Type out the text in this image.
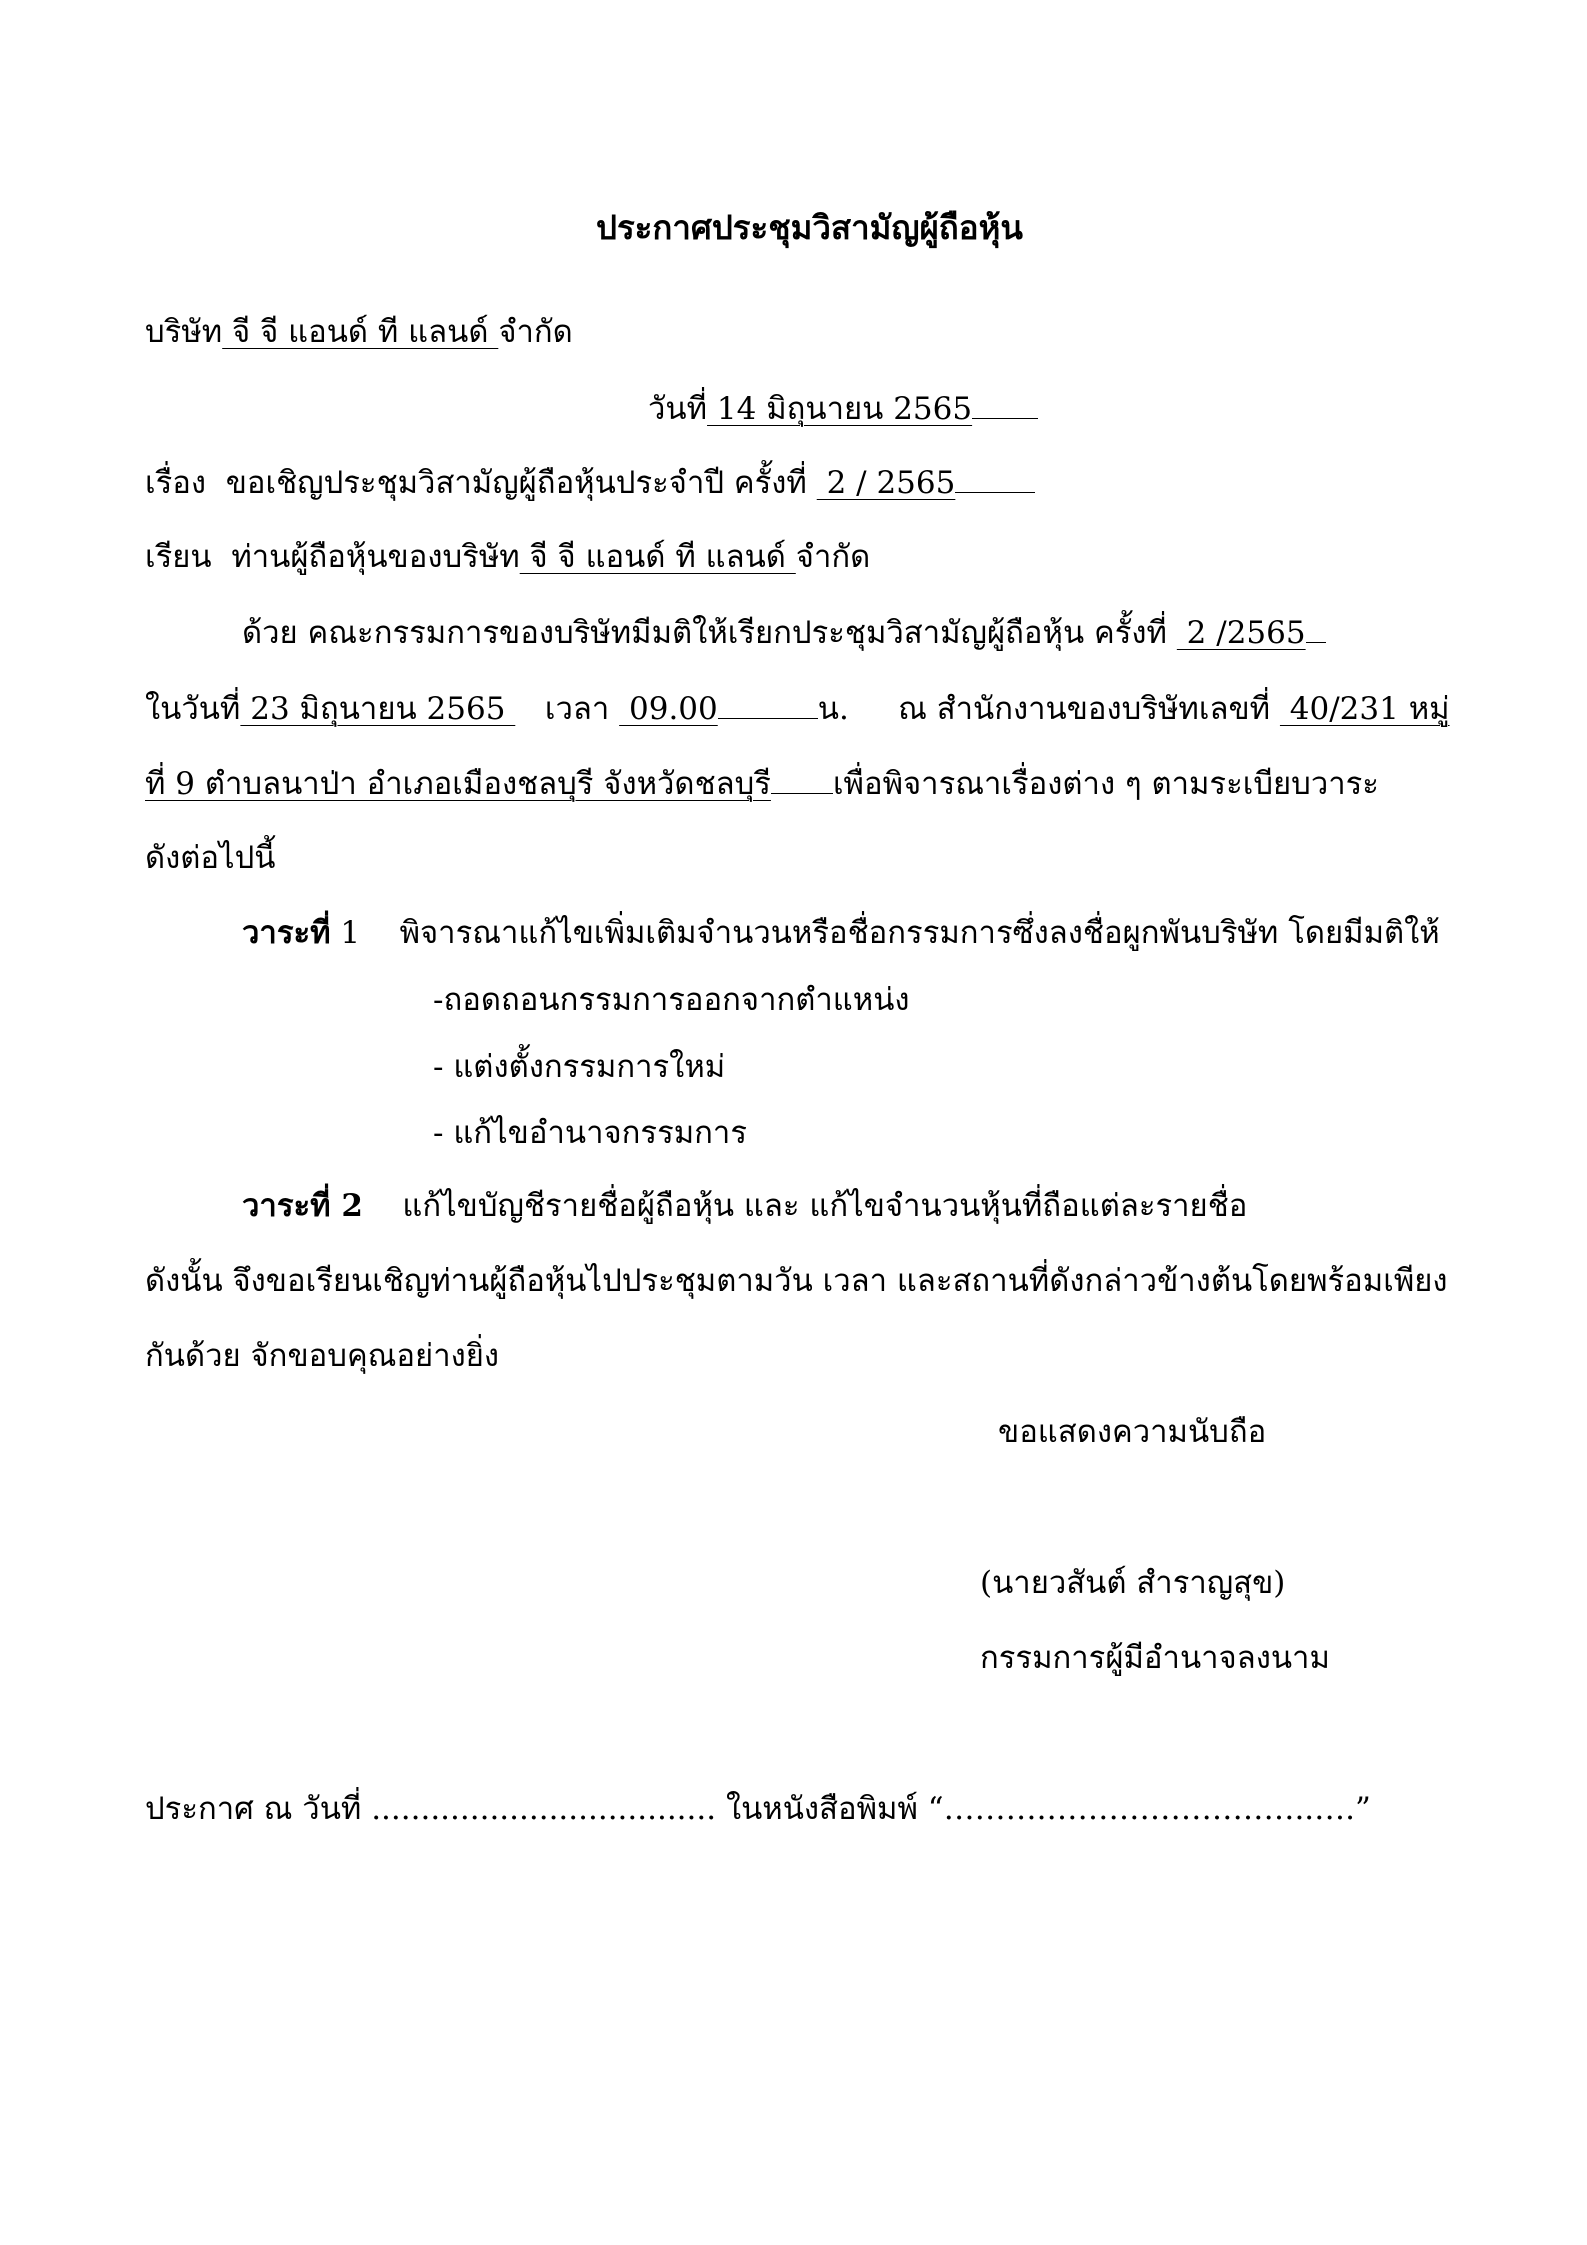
ประกาศประชุมวิสามัญผู้ถือหุ้น
บริษัท จี จี แอนด์ ที แลนด์ จำกัด
วันที่ 14 มิถุนายน 2565
เรื่อง ขอเชิญประชุมวิสามัญผู้ถือหุ้นประจำปี ครั้งที่  2 / 2565
เรียน ท่านผู้ถือหุ้นของบริษัท จี จี แอนด์ ที แลนด์ จำกัด
ด้วย คณะกรรมการของบริษัทมีมติให้เรียกประชุมวิสามัญผู้ถือหุ้น ครั้งที่  2 /2565
ในวันที่ 23 มิถุนายน 2565    เวลา  09.00	น. ณ สำนักงานของบริษัทเลขที่  40/231 หมู่
ที่ 9 ตำบลนาป่า อำเภอเมืองชลบุรี จังหวัดชลบุรี เพื่อพิจารณาเรื่องต่าง ๆ ตามระเบียบวาระ
ดังต่อไปนี้
วาระที่ 1 พิจารณาแก้ไขเพิ่มเติมจำนวนหรือชื่อกรรมการซึ่งลงชื่อผูกพันบริษัท โดยมีมติให้
-ถอดถอนกรรมการออกจากตำแหน่ง
- แต่งตั้งกรรมการใหม่
- แก้ไขอำนาจกรรมการ
วาระที่ 2 แก้ไขบัญชีรายชื่อผู้ถือหุ้น และ แก้ไขจำนวนหุ้นที่ถือแต่ละรายชื่อ
ดังนั้น จึงขอเรียนเชิญท่านผู้ถือหุ้นไปประชุมตามวัน เวลา และสถานที่ดังกล่าวข้างต้นโดยพร้อมเพียง
กันด้วย จักขอบคุณอย่างยิ่ง
ขอแสดงความนับถือ
(นายวสันต์ สำราญสุข)
กรรมการผู้มีอำนาจลงนาม
ประกาศ ณ วันที่ ................................... ในหนังสือพิมพ์ “……….……………………..….”
